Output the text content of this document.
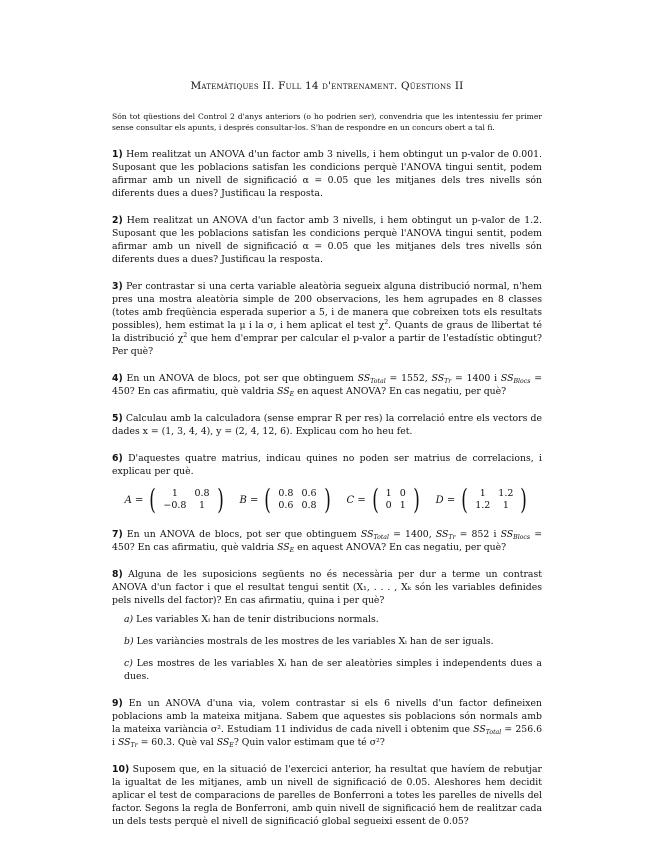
Matemàtiques II. Full 14 d'entrenament. Qüestions II
Són tot qüestions del Control 2 d'anys anteriors (o ho podrien ser), convendria que les intentessiu fer primer sense consultar els apunts, i després consultar-los. S'han de respondre en un concurs obert a tal fi.
1) Hem realitzat un ANOVA d'un factor amb 3 nivells, i hem obtingut un p-valor de 0.001. Suposant que les poblacions satisfan les condicions perquè l'ANOVA tingui sentit, podem afirmar amb un nivell de significació α = 0.05 que les mitjanes dels tres nivells són diferents dues a dues? Justificau la resposta.
2) Hem realitzat un ANOVA d'un factor amb 3 nivells, i hem obtingut un p-valor de 1.2. Suposant que les poblacions satisfan les condicions perquè l'ANOVA tingui sentit, podem afirmar amb un nivell de significació α = 0.05 que les mitjanes dels tres nivells són diferents dues a dues? Justificau la resposta.
3) Per contrastar si una certa variable aleatòria segueix alguna distribució normal, n'hem pres una mostra aleatòria simple de 200 observacions, les hem agrupades en 8 classes (totes amb freqüència esperada superior a 5, i de manera que cobreixen tots els resultats possibles), hem estimat la μ i la σ, i hem aplicat el test $\chi^2$. Quants de graus de llibertat té la distribució $\chi^2$ que hem d'emprar per calcular el p-valor a partir de l'estadístic obtingut? Per què?
4) En un ANOVA de blocs, pot ser que obtinguem $SS_{Total} = 1552$, $SS_{Tr} = 1400$ i $SS_{Blocs} = 450$? En cas afirmatiu, què valdria $SS_E$ en aquest ANOVA? En cas negatiu, per què?
5) Calculau amb la calculadora (sense emprar R per res) la correlació entre els vectors de dades x = (1, 3, 4, 4), y = (2, 4, 12, 6). Explicau com ho heu fet.
6) D'aquestes quatre matrius, indicau quines no poden ser matrius de correlacions, i explicau per què.
A = ( 1	0.8
−0.8	1 ) B = ( 0.8	0.6
0.6	0.8 ) C = ( 1	0
0	1 ) D = ( 1	1.2
1.2	1 )
7) En un ANOVA de blocs, pot ser que obtinguem $SS_{Total} = 1400$, $SS_{Tr} = 852$ i $SS_{Blocs} = 450$? En cas afirmatiu, què valdria $SS_E$ en aquest ANOVA? En cas negatiu, per què?
8) Alguna de les suposicions següents no és necessària per dur a terme un contrast ANOVA d'un factor i que el resultat tengui sentit (X₁, . . . , Xₖ són les variables definides pels nivells del factor)? En cas afirmatiu, quina i per què?
a) Les variables Xᵢ han de tenir distribucions normals.
b) Les variàncies mostrals de les mostres de les variables Xᵢ han de ser iguals.
c) Les mostres de les variables Xᵢ han de ser aleatòries simples i independents dues a dues.
9) En un ANOVA d'una via, volem contrastar si els 6 nivells d'un factor defineixen poblacions amb la mateixa mitjana. Sabem que aquestes sis poblacions són normals amb la mateixa variància σ². Estudiam 11 individus de cada nivell i obtenim que $SS_{Total} = 256.6$ i $SS_{Tr} = 60.3$. Què val $SS_E$? Quin valor estimam que té σ²?
10) Suposem que, en la situació de l'exercici anterior, ha resultat que havíem de rebutjar la igualtat de les mitjanes, amb un nivell de significació de 0.05. Aleshores hem decidit aplicar el test de comparacions de parelles de Bonferroni a totes les parelles de nivells del factor. Segons la regla de Bonferroni, amb quin nivell de significació hem de realitzar cada un dels tests perquè el nivell de significació global segueixi essent de 0.05?
